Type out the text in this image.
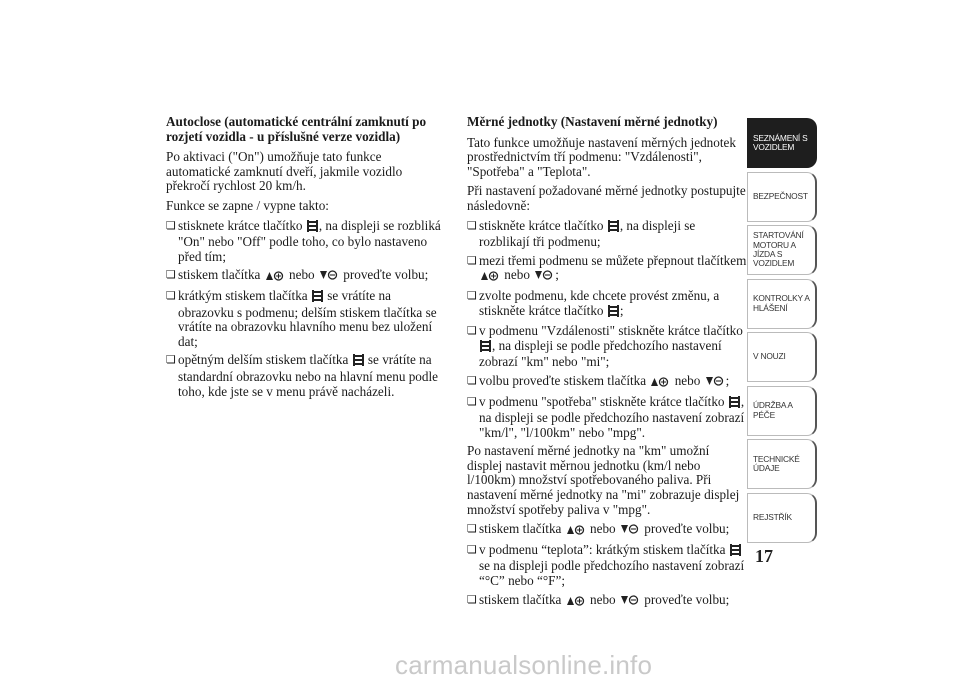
Autoclose (automatické centrální zamknutí po rozjetí vozidla - u příslušné verze vozidla)

Po aktivaci ("On") umožňuje tato funkce automatické zamknutí dveří, jakmile vozidlo překročí rychlost 20 km/h.

Funkce se zapne / vypne takto:

❏ stisknete krátce tlačítko , na displeji se rozbliká "On" nebo "Off" podle toho, co bylo nastaveno před tím;
❏ stiskem tlačítka nebo proveďte volbu;
❏ krátkým stiskem tlačítka se vrátíte na obrazovku s podmenu; delším stiskem tlačítka se vrátíte na obrazovku hlavního menu bez uložení dat;
❏ opětným delším stiskem tlačítka se vrátíte na standardní obrazovku nebo na hlavní menu podle toho, kde jste se v menu právě nacházeli.
Měrné jednotky (Nastavení měrné jednotky)

Tato funkce umožňuje nastavení měrných jednotek prostřednictvím tří podmenu: "Vzdálenosti", "Spotřeba" a "Teplota".

Při nastavení požadované měrné jednotky postupujte následovně:

❏ stiskněte krátce tlačítko , na displeji se rozblikají tři podmenu;
❏ mezi třemi podmenu se můžete přepnout tlačítkem  nebo ;
❏ zvolte podmenu, kde chcete provést změnu, a stiskněte krátce tlačítko ;
❏ v podmenu "Vzdálenosti" stiskněte krátce tlačítko , na displeji se podle předchozího nastavení zobrazí "km" nebo "mi";
❏ volbu proveďte stiskem tlačítka nebo ;
❏ v podmenu "spotřeba" stiskněte krátce tlačítko , na displeji se podle předchozího nastavení zobrazí "km/l", "l/100km" nebo "mpg".

Po nastavení měrné jednotky na "km" umožní displej nastavit měrnou jednotku (km/l nebo l/100km) množství spotřebovaného paliva. Při nastavení měrné jednotky na "mi" zobrazuje displej množství spotřeby paliva v "mpg".

❏ stiskem tlačítka nebo proveďte volbu;
❏ v podmenu “teplota”: krátkým stiskem tlačítka  se na displeji podle předchozího nastavení zobrazí “°C” nebo “°F”;
❏ stiskem tlačítka nebo proveďte volbu;
SEZNÁMENÍ S VOZIDLEM
BEZPEČNOST
STARTOVÁNÍ MOTORU A JÍZDA S VOZIDLEM
KONTROLKY A HLÁŠENÍ
V NOUZI
ÚDRŽBA A PÉČE
TECHNICKÉ ÚDAJE
REJSTŘÍK
17
carmanualsonline.info
